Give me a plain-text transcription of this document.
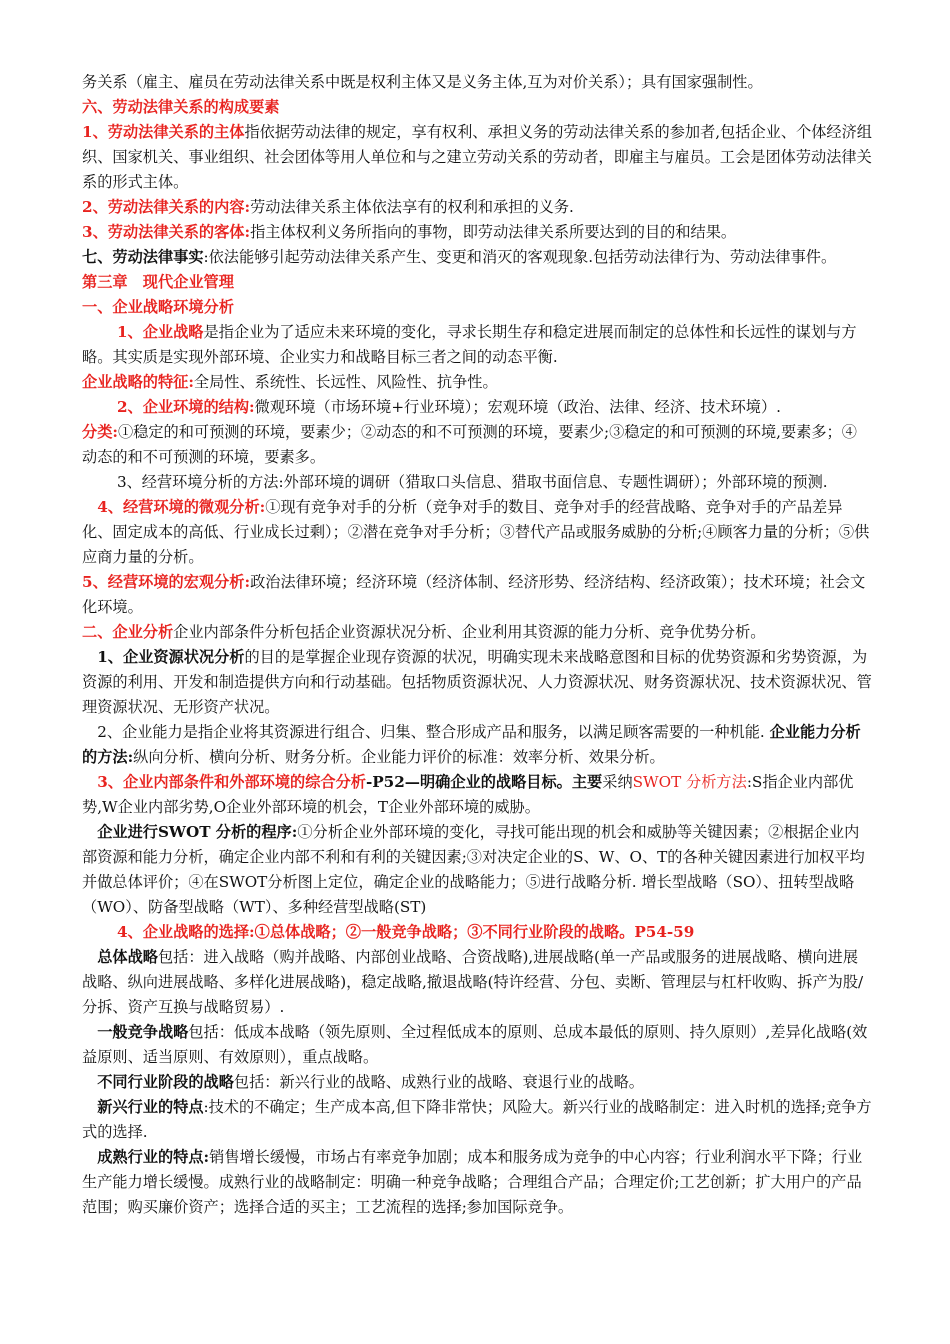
务关系（雇主、雇员在劳动法律关系中既是权利主体又是义务主体,互为对价关系）；具有国家强制性。

六、劳动法律关系的构成要素

1、劳动法律关系的主体指依据劳动法律的规定，享有权利、承担义务的劳动法律关系的参加者,包括企业、个体经济组织、国家机关、事业组织、社会团体等用人单位和与之建立劳动关系的劳动者，即雇主与雇员。工会是团体劳动法律关系的形式主体。

2、劳动法律关系的内容:劳动法律关系主体依法享有的权利和承担的义务.

3、劳动法律关系的客体:指主体权利义务所指向的事物，即劳动法律关系所要达到的目的和结果。

七、劳动法律事实:依法能够引起劳动法律关系产生、变更和消灭的客观现象.包括劳动法律行为、劳动法律事件。

第三章　现代企业管理

一、企业战略环境分析

1、企业战略是指企业为了适应未来环境的变化，寻求长期生存和稳定进展而制定的总体性和长远性的谋划与方略。其实质是实现外部环境、企业实力和战略目标三者之间的动态平衡.

企业战略的特征:全局性、系统性、长远性、风险性、抗争性。

2、企业环境的结构:微观环境（市场环境+行业环境）；宏观环境（政治、法律、经济、技术环境）.

分类:①稳定的和可预测的环境，要素少；②动态的和不可预测的环境，要素少;③稳定的和可预测的环境,要素多；④动态的和不可预测的环境，要素多。

3、经营环境分析的方法:外部环境的调研（猎取口头信息、猎取书面信息、专题性调研）；外部环境的预测.

4、经营环境的微观分析:①现有竞争对手的分析（竞争对手的数目、竞争对手的经营战略、竞争对手的产品差异化、固定成本的高低、行业成长过剩）；②潜在竞争对手分析；③替代产品或服务威胁的分析;④顾客力量的分析；⑤供应商力量的分析。

5、经营环境的宏观分析:政治法律环境；经济环境（经济体制、经济形势、经济结构、经济政策）；技术环境；社会文化环境。

二、企业分析企业内部条件分析包括企业资源状况分析、企业利用其资源的能力分析、竞争优势分析。

1、企业资源状况分析的目的是掌握企业现存资源的状况，明确实现未来战略意图和目标的优势资源和劣势资源，为资源的利用、开发和制造提供方向和行动基础。包括物质资源状况、人力资源状况、财务资源状况、技术资源状况、管理资源状况、无形资产状况。

2、企业能力是指企业将其资源进行组合、归集、整合形成产品和服务，以满足顾客需要的一种机能. 企业能力分析的方法:纵向分析、横向分析、财务分析。企业能力评价的标准：效率分析、效果分析。

3、企业内部条件和外部环境的综合分析-P52—明确企业的战略目标。主要采纳SWOT 分析方法:S指企业内部优势,W企业内部劣势,O企业外部环境的机会，T企业外部环境的威胁。

企业进行SWOT 分析的程序:①分析企业外部环境的变化，寻找可能出现的机会和威胁等关键因素；②根据企业内部资源和能力分析，确定企业内部不利和有利的关键因素;③对决定企业的S、W、O、T的各种关键因素进行加权平均并做总体评价；④在SWOT分析图上定位，确定企业的战略能力；⑤进行战略分析. 增长型战略（SO）、扭转型战略（WO）、防备型战略（WT）、多种经营型战略(ST)

4、企业战略的选择:①总体战略；②一般竞争战略；③不同行业阶段的战略。P54-59

总体战略包括：进入战略（购并战略、内部创业战略、合资战略),进展战略(单一产品或服务的进展战略、横向进展战略、纵向进展战略、多样化进展战略)，稳定战略,撤退战略(特许经营、分包、卖断、管理层与杠杆收购、拆产为股/分拆、资产互换与战略贸易）.

一般竞争战略包括：低成本战略（领先原则、全过程低成本的原则、总成本最低的原则、持久原则）,差异化战略(效益原则、适当原则、有效原则），重点战略。

不同行业阶段的战略包括：新兴行业的战略、成熟行业的战略、衰退行业的战略。

新兴行业的特点:技术的不确定；生产成本高,但下降非常快；风险大。新兴行业的战略制定：进入时机的选择;竞争方式的选择.

成熟行业的特点:销售增长缓慢，市场占有率竞争加剧；成本和服务成为竞争的中心内容；行业利润水平下降；行业生产能力增长缓慢。成熟行业的战略制定：明确一种竞争战略；合理组合产品；合理定价;工艺创新；扩大用户的产品范围；购买廉价资产；选择合适的买主；工艺流程的选择;参加国际竞争。
